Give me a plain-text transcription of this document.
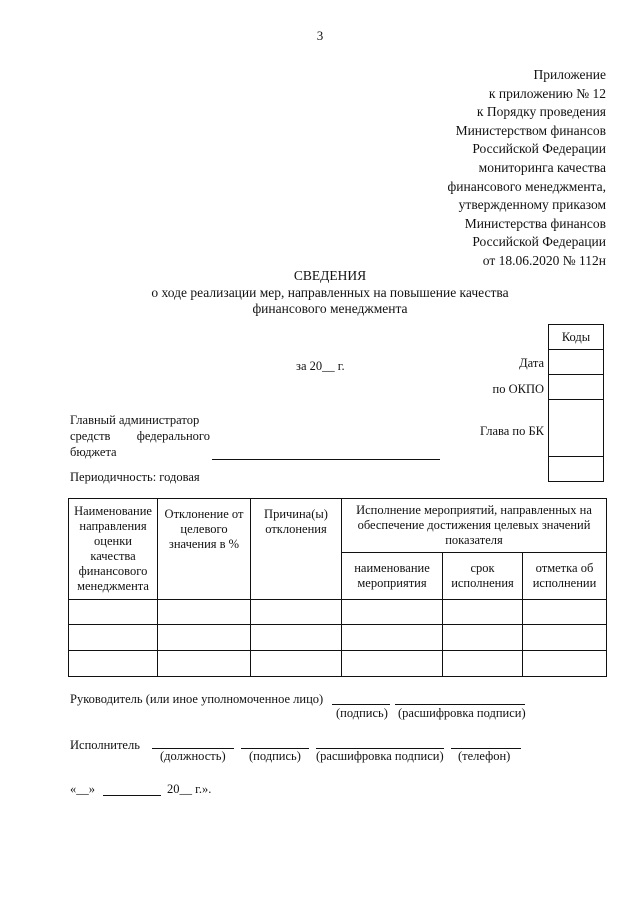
3
Приложение
к приложению № 12
к Порядку проведения
Министерством финансов
Российской Федерации
мониторинга качества
финансового менеджмента,
утвержденному приказом
Министерства финансов
Российской Федерации
от 18.06.2020 № 112н
СВЕДЕНИЯ
о ходе реализации мер, направленных на повышение качества
финансового менеджмента
Коды

Дата
по ОКПО
Глава по БК
за 20__ г.
Главный администратор
средств федерального
бюджета
Периодичность: годовая
Наименование направления оценки качества финансового менеджмента	Отклонение от целевого значения в %	Причина(ы) отклонения	Исполнение мероприятий, направленных на обеспечение достижения целевых значений показателя		
			наименование мероприятия	срок исполнения	отметка об исполнении

Руководитель (или иное уполномоченное лицо)
(подпись) (расшифровка подписи)
Исполнитель
(должность) (подпись) (расшифровка подписи) (телефон)
«__»	20__ г.».
